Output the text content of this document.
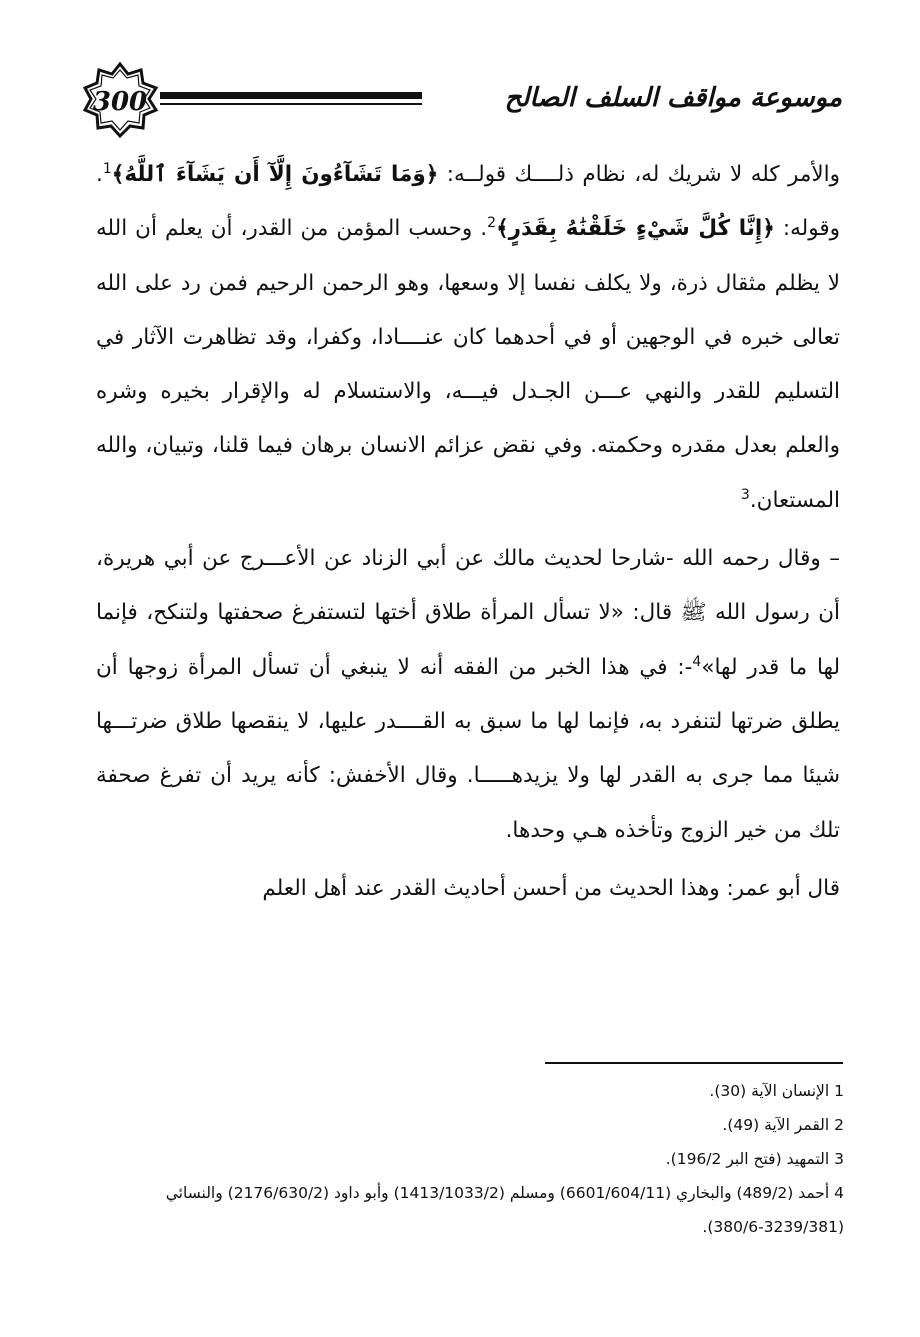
300	موسوعة مواقف السلف الصالح

والأمر كله لا شريك له، نظام ذلــــك قولــه: ﴿وَمَا تَشَآءُونَ إِلَّآ أَن يَشَآءَ ٱللَّهُ﴾$^1$. وقوله: ﴿إِنَّا كُلَّ شَيْءٍ خَلَقْنَٰهُ بِقَدَرٍ﴾$^2$. وحسب المؤمن من القدر، أن يعلم أن الله لا يظلم مثقال ذرة، ولا يكلف نفسا إلا وسعها، وهو الرحمن الرحيم فمن رد على الله تعالى خبره في الوجهين أو في أحدهما كان عنــــادا، وكفرا، وقد تظاهرت الآثار في التسليم للقدر والنهي عـــن الجـدل فيـــه، والاستسلام له والإقرار بخيره وشره والعلم بعدل مقدره وحكمته. وفي نقض عزائم الانسان برهان فيما قلنا، وتبيان، والله المستعان.$^3$

– وقال رحمه الله -شارحا لحديث مالك عن أبي الزناد عن الأعـــرج عن أبي هريرة، أن رسول الله ﷺ قال: «لا تسأل المرأة طلاق أختها لتستفرغ صحفتها ولتنكح، فإنما لها ما قدر لها»$^4$-: في هذا الخبر من الفقه أنه لا ينبغي أن تسأل المرأة زوجها أن يطلق ضرتها لتنفرد به، فإنما لها ما سبق به القــــدر عليها، لا ينقصها طلاق ضرتـــها شيئا مما جرى به القدر لها ولا يزيدهـــــا. وقال الأخفش: كأنه يريد أن تفرغ صحفة تلك من خير الزوج وتأخذه هـي وحدها.

قال أبو عمر: وهذا الحديث من أحسن أحاديث القدر عند أهل العلم

1 الإنسان الآية (30).

2 القمر الآية (49).

3 التمهيد (فتح البر 196/2).

4 أحمد (489/2) والبخاري (6601/604/11) ومسلم (1413/1033/2) وأبو داود (2176/630/2) والنسائي (3239/381-380/6).
